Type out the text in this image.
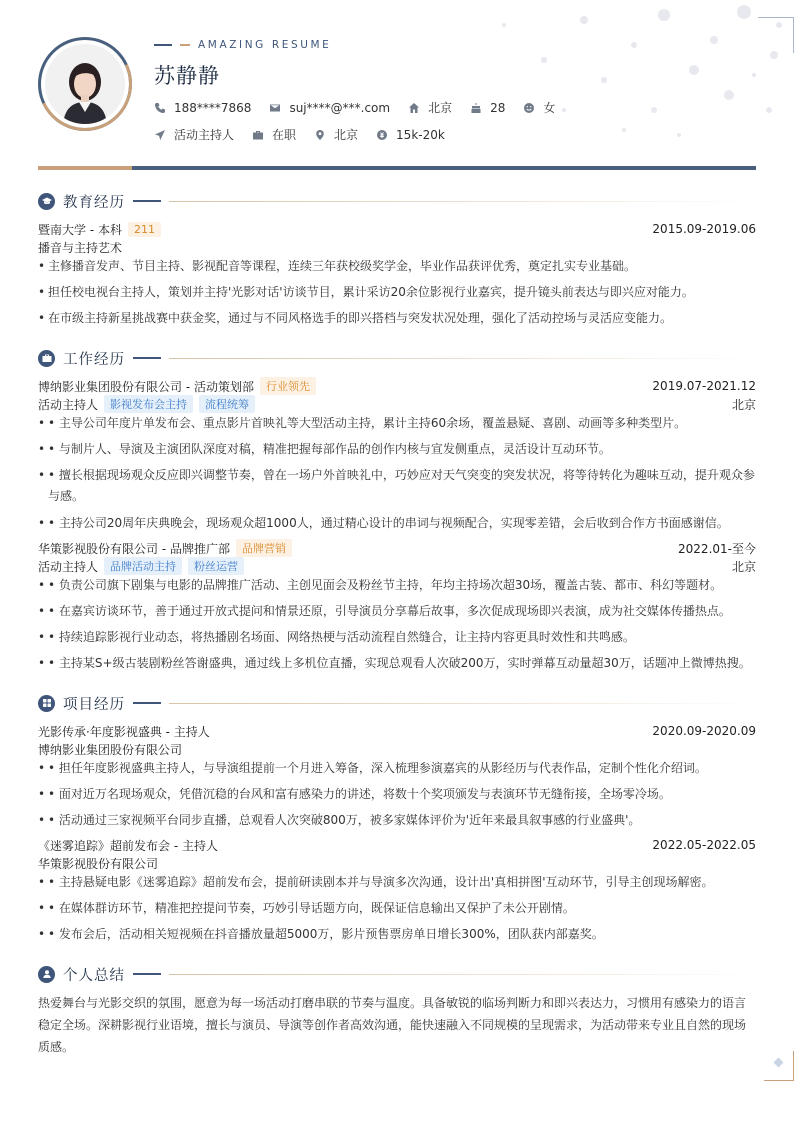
AMAZING RESUME
苏静静
188****7868	suj****@***.com	北京	28	女
活动主持人	在职	北京	15k-20k
教育经历
暨南大学 - 本科	211	2015.09-2019.06
播音与主持艺术
• 主修播音发声、节目主持、影视配音等课程，连续三年获校级奖学金，毕业作品获评优秀，奠定扎实专业基础。
• 担任校电视台主持人，策划并主持'光影对话'访谈节目，累计采访20余位影视行业嘉宾，提升镜头前表达与即兴应对能力。
• 在市级主持新星挑战赛中获金奖，通过与不同风格选手的即兴搭档与突发状况处理，强化了活动控场与灵活应变能力。
工作经历
博纳影业集团股份有限公司 - 活动策划部	行业领先	2019.07-2021.12
活动主持人	影视发布会主持	流程统筹	北京
• • 主导公司年度片单发布会、重点影片首映礼等大型活动主持，累计主持60余场，覆盖悬疑、喜剧、动画等多种类型片。
• • 与制片人、导演及主演团队深度对稿，精准把握每部作品的创作内核与宣发侧重点，灵活设计互动环节。
• • 擅长根据现场观众反应即兴调整节奏，曾在一场户外首映礼中，巧妙应对天气突变的突发状况，将等待转化为趣味互动，提升观众参与感。
• • 主持公司20周年庆典晚会，现场观众超1000人，通过精心设计的串词与视频配合，实现零差错，会后收到合作方书面感谢信。
华策影视股份有限公司 - 品牌推广部	品牌营销	2022.01-至今
活动主持人	品牌活动主持	粉丝运营	北京
• • 负责公司旗下剧集与电影的品牌推广活动、主创见面会及粉丝节主持，年均主持场次超30场，覆盖古装、都市、科幻等题材。
• • 在嘉宾访谈环节，善于通过开放式提问和情景还原，引导演员分享幕后故事，多次促成现场即兴表演，成为社交媒体传播热点。
• • 持续追踪影视行业动态，将热播剧名场面、网络热梗与活动流程自然缝合，让主持内容更具时效性和共鸣感。
• • 主持某S+级古装剧粉丝答谢盛典，通过线上多机位直播，实现总观看人次破200万，实时弹幕互动量超30万，话题冲上微博热搜。
项目经历
光影传承·年度影视盛典 - 主持人	2020.09-2020.09
博纳影业集团股份有限公司
• • 担任年度影视盛典主持人，与导演组提前一个月进入筹备，深入梳理参演嘉宾的从影经历与代表作品，定制个性化介绍词。
• • 面对近万名现场观众，凭借沉稳的台风和富有感染力的讲述，将数十个奖项颁发与表演环节无缝衔接，全场零冷场。
• • 活动通过三家视频平台同步直播，总观看人次突破800万，被多家媒体评价为'近年来最具叙事感的行业盛典'。
《迷雾追踪》超前发布会 - 主持人	2022.05-2022.05
华策影视股份有限公司
• • 主持悬疑电影《迷雾追踪》超前发布会，提前研读剧本并与导演多次沟通，设计出'真相拼图'互动环节，引导主创现场解密。
• • 在媒体群访环节，精准把控提问节奏，巧妙引导话题方向，既保证信息输出又保护了未公开剧情。
• • 发布会后，活动相关短视频在抖音播放量超5000万，影片预售票房单日增长300%，团队获内部嘉奖。
个人总结
热爱舞台与光影交织的氛围，愿意为每一场活动打磨串联的节奏与温度。具备敏锐的临场判断力和即兴表达力，习惯用有感染力的语言稳定全场。深耕影视行业语境，擅长与演员、导演等创作者高效沟通，能快速融入不同规模的呈现需求，为活动带来专业且自然的现场质感。
